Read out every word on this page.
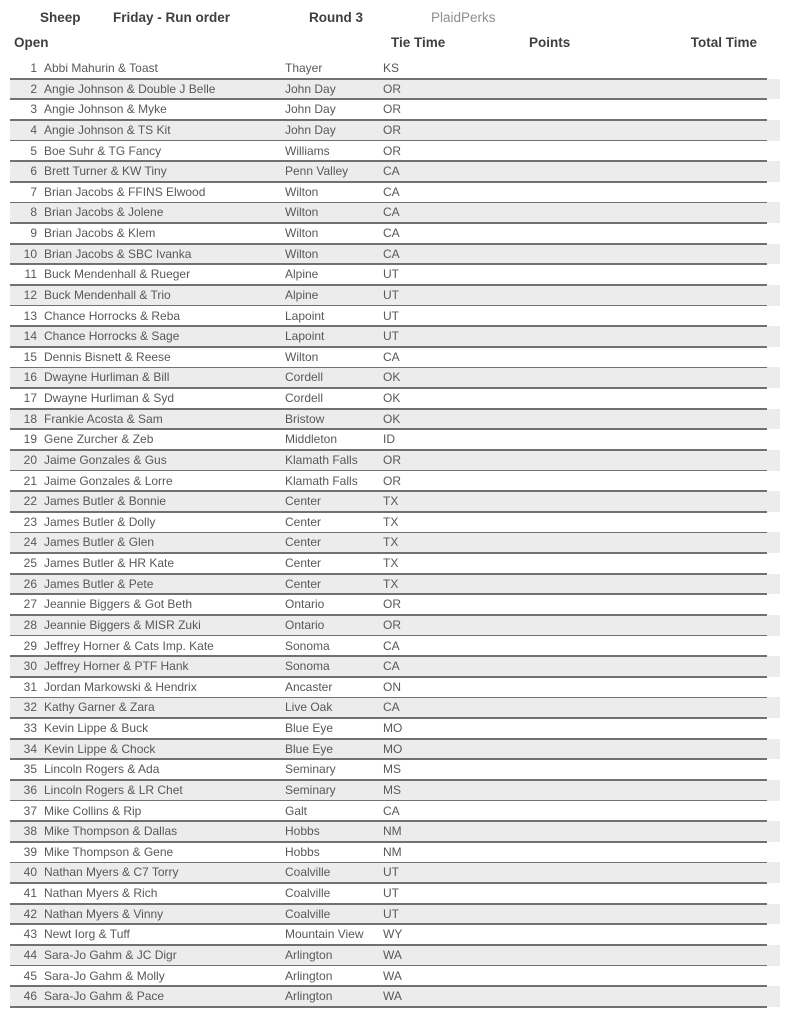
Sheep Friday - Run order	Round 3	PlaidPerks
Open	Tie Time	Points	Total Time
1 Abbi Mahurin & Toast	Thayer	KS
2 Angie Johnson & Double J Belle	John Day	OR
3 Angie Johnson & Myke	John Day	OR
4 Angie Johnson & TS Kit	John Day	OR
5 Boe Suhr & TG Fancy	Williams	OR
6 Brett Turner & KW Tiny	Penn Valley	CA
7 Brian Jacobs & FFINS Elwood	Wilton	CA
8 Brian Jacobs & Jolene	Wilton	CA
9 Brian Jacobs & Klem	Wilton	CA
10 Brian Jacobs & SBC Ivanka	Wilton	CA
11 Buck Mendenhall & Rueger	Alpine	UT
12 Buck Mendenhall & Trio	Alpine	UT
13 Chance Horrocks & Reba	Lapoint	UT
14 Chance Horrocks & Sage	Lapoint	UT
15 Dennis Bisnett & Reese	Wilton	CA
16 Dwayne Hurliman & Bill	Cordell	OK
17 Dwayne Hurliman & Syd	Cordell	OK
18 Frankie Acosta & Sam	Bristow	OK
19 Gene Zurcher & Zeb	Middleton	ID
20 Jaime Gonzales & Gus	Klamath Falls OR
21 Jaime Gonzales & Lorre	Klamath Falls OR
22 James Butler & Bonnie	Center	TX
23 James Butler & Dolly	Center	TX
24 James Butler & Glen	Center	TX
25 James Butler & HR Kate	Center	TX
26 James Butler & Pete	Center	TX
27 Jeannie Biggers & Got Beth	Ontario	OR
28 Jeannie Biggers & MISR Zuki	Ontario	OR
29 Jeffrey Horner & Cats Imp. Kate	Sonoma	CA
30 Jeffrey Horner & PTF Hank	Sonoma	CA
31 Jordan Markowski & Hendrix	Ancaster	ON
32 Kathy Garner & Zara	Live Oak	CA
33 Kevin Lippe & Buck	Blue Eye	MO
34 Kevin Lippe & Chock	Blue Eye	MO
35 Lincoln Rogers & Ada	Seminary	MS
36 Lincoln Rogers & LR Chet	Seminary	MS
37 Mike Collins & Rip	Galt	CA
38 Mike Thompson & Dallas	Hobbs	NM
39 Mike Thompson & Gene	Hobbs	NM
40 Nathan Myers & C7 Torry	Coalville	UT
41 Nathan Myers & Rich	Coalville	UT
42 Nathan Myers & Vinny	Coalville	UT
43 Newt Iorg & Tuff	Mountain View WY
44 Sara-Jo Gahm & JC Digr	Arlington	WA
45 Sara-Jo Gahm & Molly	Arlington	WA
46 Sara-Jo Gahm & Pace	Arlington	WA
